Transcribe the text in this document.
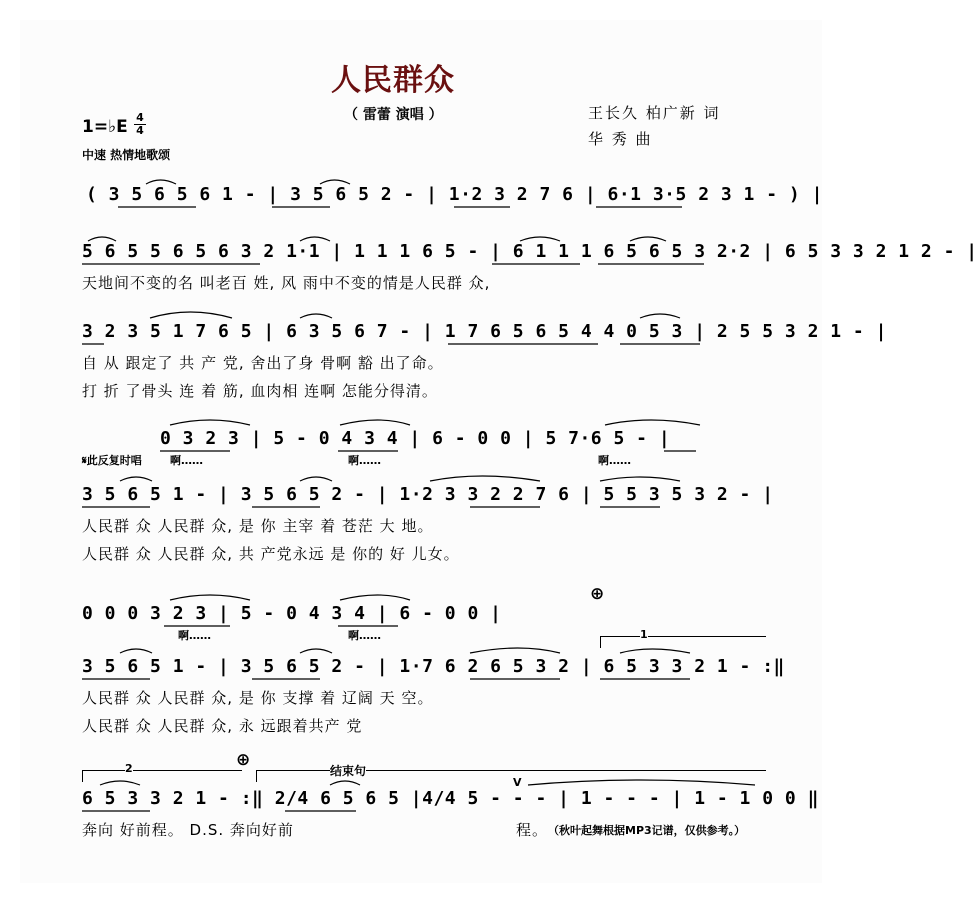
人民群众
（ 雷蕾 演唱 ）	王长久 柏广新 词
华 秀 曲
1=♭E 4
4
中速 热情地歌颂
( 3 5 6 5 6 1 - | 3 5 6 5 2 - | 1·2 3 2 7 6 | 6·1 3·5 2 3 1 - ) |
5 6 5 5 6 5 6 3 2 1·1 | 1 1 1 6 5 - | 6 1 1 1 6 5 6 5 3 2·2 | 6 5 3 3 2 1 2 - |
天地间不变的名 叫老百 姓, 风 雨中不变的情是人民群 众,
3 2 3 5 1 7 6 5 | 6 3 5 6 7 - | 1 7 6 5 6 5 4 4 0 5 3 | 2 5 5 3 2 1 - |
自 从 跟定了 共 产 党, 舍出了身 骨啊 豁 出了命。
打 折 了骨头 连 着 筋, 血肉相 连啊 怎能分得清。
0 3 2 3 | 5 - 0 4 3 4 | 6 - 0 0 | 5 7·6 5 - |
𝄋此反复时唱	啊……	啊……	啊……
3 5 6 5 1 - | 3 5 6 5 2 - | 1·2 3 3 2 2 7 6 | 5 5 3 5 3 2 - |
人民群 众 人民群 众, 是 你 主宰 着 苍茫 大 地。
人民群 众 人民群 众, 共 产党永远 是 你的 好 儿女。
0 0 0 3 2 3 | 5 - 0 4 3 4 | 6 - 0 0 |
啊……	啊……
⊕
1
3 5 6 5 1 - | 3 5 6 5 2 - | 1·7 6 2 6 5 3 2 | 6 5 3 3 2 1 - :‖
人民群 众 人民群 众, 是 你 支撑 着 辽阔 天 空。
人民群 众 人民群 众, 永 远跟着共产 党
2	⊕
结束句
V
6 5 3 3 2 1 - :‖ 2/4 6 5 6 5 |4/4 5 - - - | 1 - - - | 1 - 1 0 0 ‖
奔向 好前程。 D.S. 奔向好前	程。 （秋叶起舞根据MP3记谱，仅供参考。）
